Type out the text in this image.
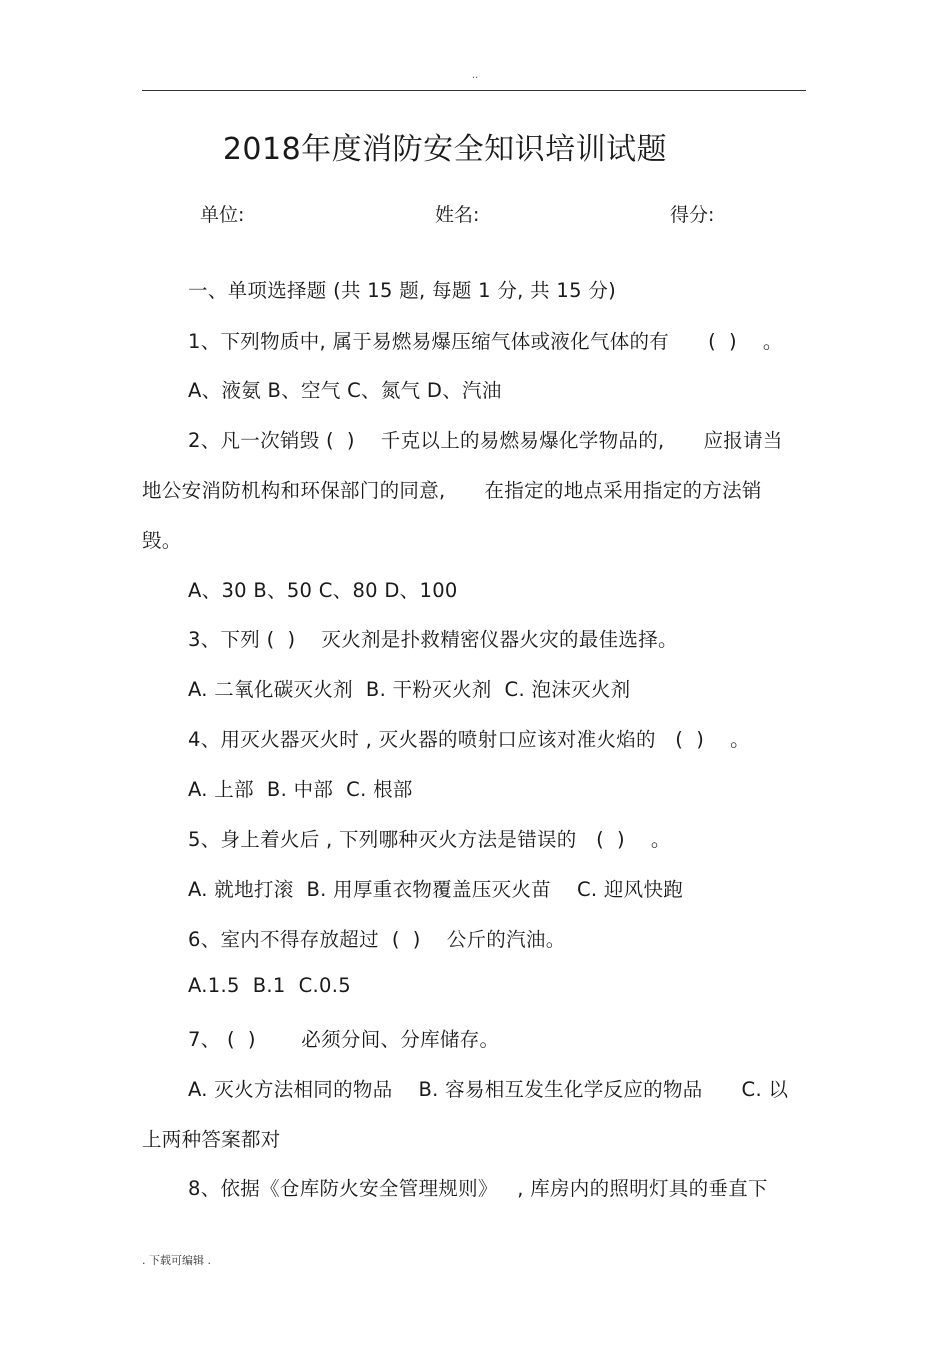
..
2018年度消防安全知识培训试题
单位:	姓名:	得分:
一、单项选择题 (共 15 题, 每题 1 分, 共 15 分)
1、下列物质中, 属于易燃易爆压缩气体或液化气体的有      (  )    。
A、液氨 B、空气 C、氮气 D、汽油
2、凡一次销毁 (  )    千克以上的易燃易爆化学物品的,      应报请当
地公安消防机构和环保部门的同意,      在指定的地点采用指定的方法销
毁。
A、30 B、50 C、80 D、100
3、下列 (  )    灭火剂是扑救精密仪器火灾的最佳选择。
A. 二氧化碳灭火剂  B. 干粉灭火剂  C. 泡沫灭火剂
4、用灭火器灭火时 , 灭火器的喷射口应该对准火焰的   (  )    。
A. 上部  B. 中部  C. 根部
5、身上着火后 , 下列哪种灭火方法是错误的   (  )    。
A. 就地打滚  B. 用厚重衣物覆盖压灭火苗    C. 迎风快跑
6、室内不得存放超过  (  )    公斤的汽油。
A.1.5  B.1  C.0.5
7、 (  )       必须分间、分库储存。
A. 灭火方法相同的物品    B. 容易相互发生化学反应的物品      C. 以
上两种答案都对
8、依据《仓库防火安全管理规则》   , 库房内的照明灯具的垂直下
. 下载可编辑 .
